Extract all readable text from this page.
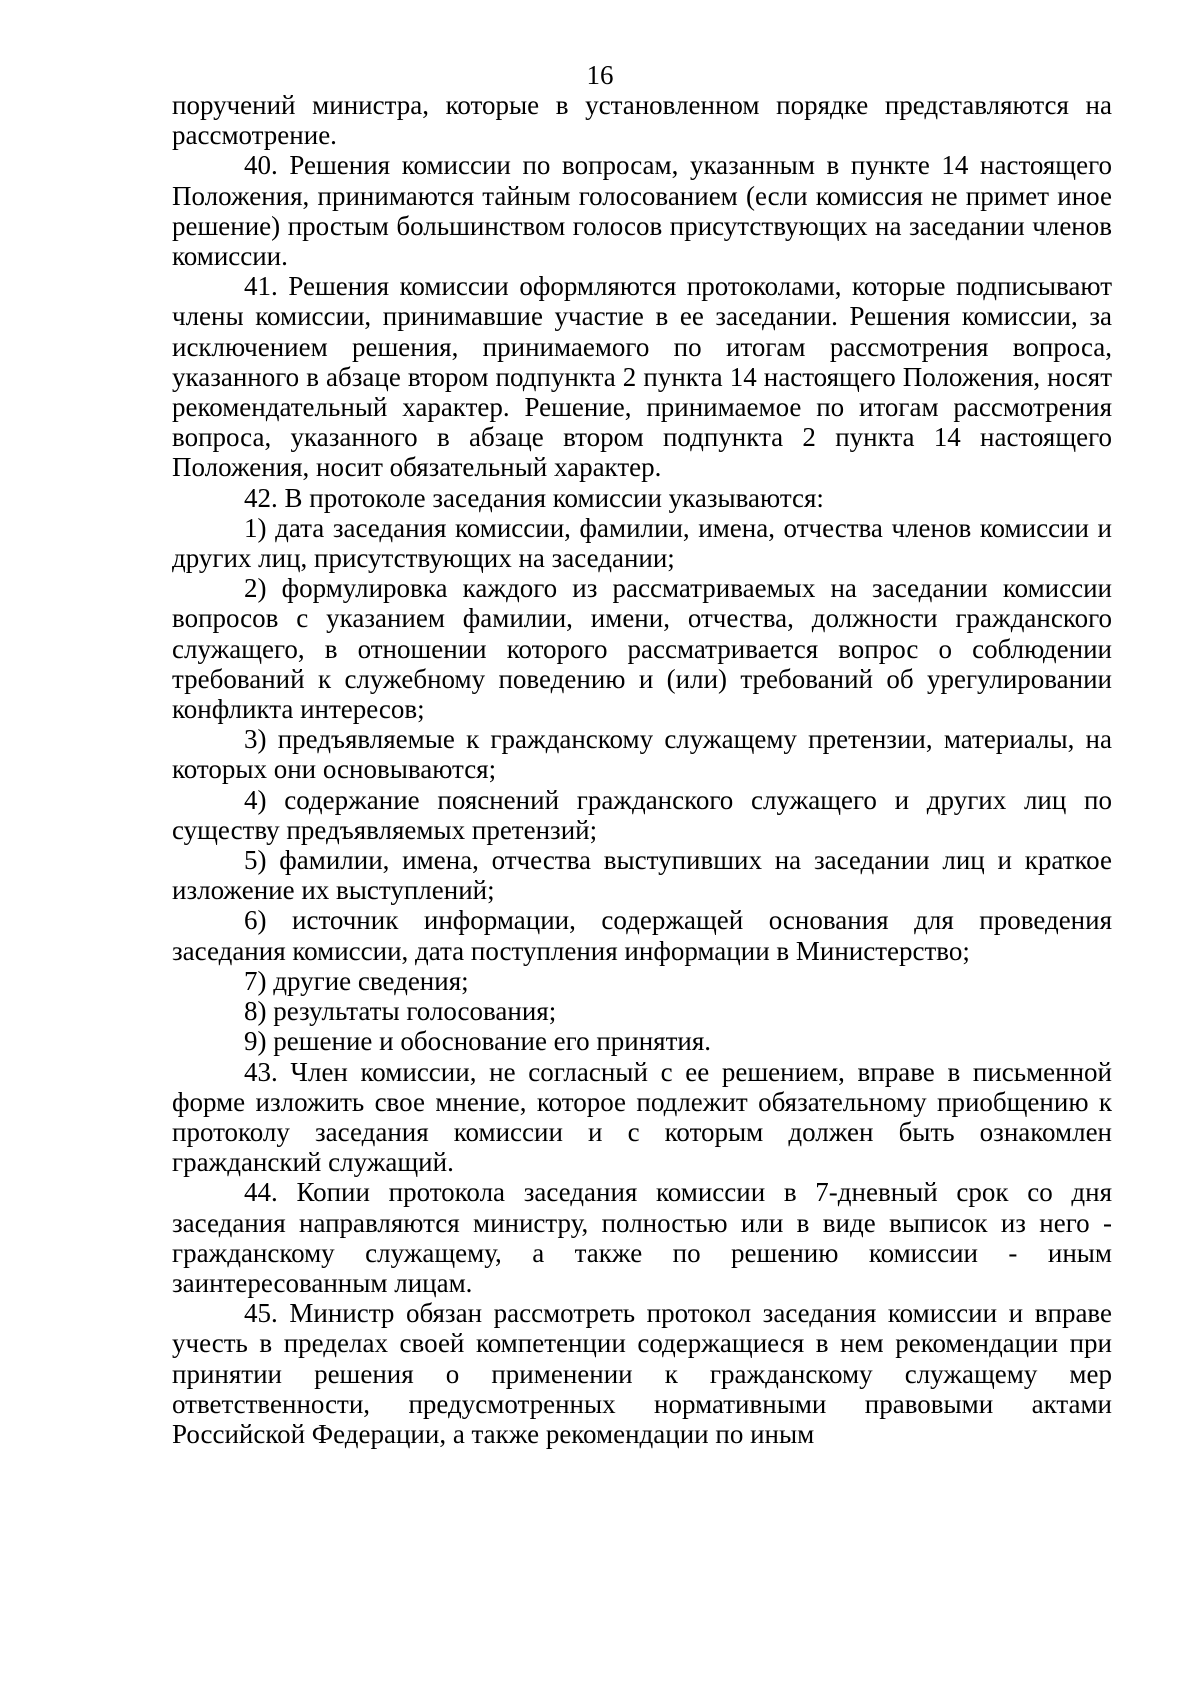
16

поручений министра, которые в установленном порядке представляются на рассмотрение.

40. Решения комиссии по вопросам, указанным в пункте 14 настоящего Положения, принимаются тайным голосованием (если комиссия не примет иное решение) простым большинством голосов присутствующих на заседании членов комиссии.

41. Решения комиссии оформляются протоколами, которые подписывают члены комиссии, принимавшие участие в ее заседании. Решения комиссии, за исключением решения, принимаемого по итогам рассмотрения вопроса, указанного в абзаце втором подпункта 2 пункта 14 настоящего Положения, носят рекомендательный характер. Решение, принимаемое по итогам рассмотрения вопроса, указанного в абзаце втором подпункта 2 пункта 14 настоящего Положения, носит обязательный характер.

42. В протоколе заседания комиссии указываются:

1) дата заседания комиссии, фамилии, имена, отчества членов комиссии и других лиц, присутствующих на заседании;

2) формулировка каждого из рассматриваемых на заседании комиссии вопросов с указанием фамилии, имени, отчества, должности гражданского служащего, в отношении которого рассматривается вопрос о соблюдении требований к служебному поведению и (или) требований об урегулировании конфликта интересов;

3) предъявляемые к гражданскому служащему претензии, материалы, на которых они основываются;

4) содержание пояснений гражданского служащего и других лиц по существу предъявляемых претензий;

5) фамилии, имена, отчества выступивших на заседании лиц и краткое изложение их выступлений;

6) источник информации, содержащей основания для проведения заседания комиссии, дата поступления информации в Министерство;

7) другие сведения;

8) результаты голосования;

9) решение и обоснование его принятия.

43. Член комиссии, не согласный с ее решением, вправе в письменной форме изложить свое мнение, которое подлежит обязательному приобщению к протоколу заседания комиссии и с которым должен быть ознакомлен гражданский служащий.

44. Копии протокола заседания комиссии в 7-дневный срок со дня заседания направляются министру, полностью или в виде выписок из него - гражданскому служащему, а также по решению комиссии - иным заинтересованным лицам.

45. Министр обязан рассмотреть протокол заседания комиссии и вправе учесть в пределах своей компетенции содержащиеся в нем рекомендации при принятии решения о применении к гражданскому служащему мер ответственности, предусмотренных нормативными правовыми актами Российской Федерации, а также рекомендации по иным
